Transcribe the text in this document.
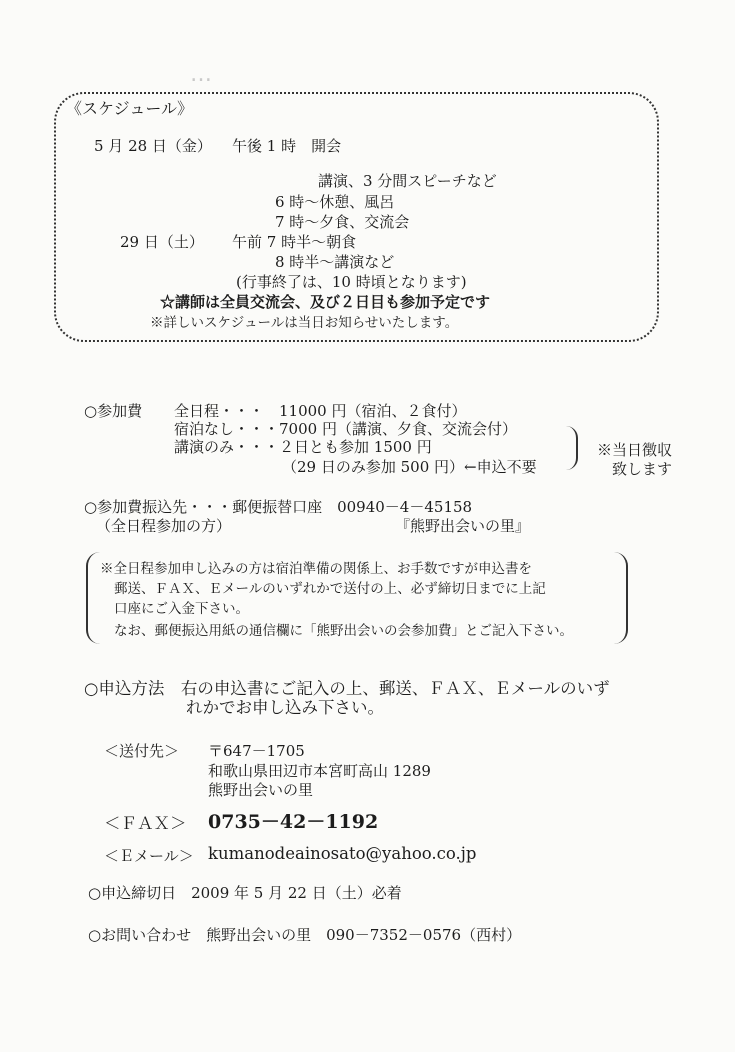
…
《スケジュール》
5 月 28 日（金） 午後 1 時　開会
講演、3 分間スピーチなど
6 時～休憩、風呂
7 時～夕食、交流会
29 日（土） 午前 7 時半～朝食
8 時半～講演など
(行事終了は、10 時頃となります)
☆講師は全員交流会、及び２日目も参加予定です
※詳しいスケジュールは当日お知らせいたします。
○参加費 全日程・・・　11000 円（宿泊、２食付）
宿泊なし・・・7000 円（講演、夕食、交流会付）
講演のみ・・・２日とも参加 1500 円
（29 日のみ参加 500 円）←申込不要
※当日徴収
致します
○参加費振込先・・・郵便振替口座　00940－4－45158
（全日程参加の方）	『熊野出会いの里』
※全日程参加申し込みの方は宿泊準備の関係上、お手数ですが申込書を
郵送、ＦＡＸ、Ｅメールのいずれかで送付の上、必ず締切日までに上記
口座にご入金下さい。
なお、郵便振込用紙の通信欄に「熊野出会いの会参加費」とご記入下さい。
○申込方法　右の申込書にご記入の上、郵送、ＦＡＸ、Ｅメールのいず
れかでお申し込み下さい。
＜送付先＞ 〒647－1705
和歌山県田辺市本宮町高山 1289
熊野出会いの里
＜ＦＡＸ＞ 0735－42－1192
＜Ｅメール＞ kumanodeainosato@yahoo.co.jp
○申込締切日　2009 年 5 月 22 日（土）必着
○お問い合わせ　熊野出会いの里　090－7352－0576（西村）
